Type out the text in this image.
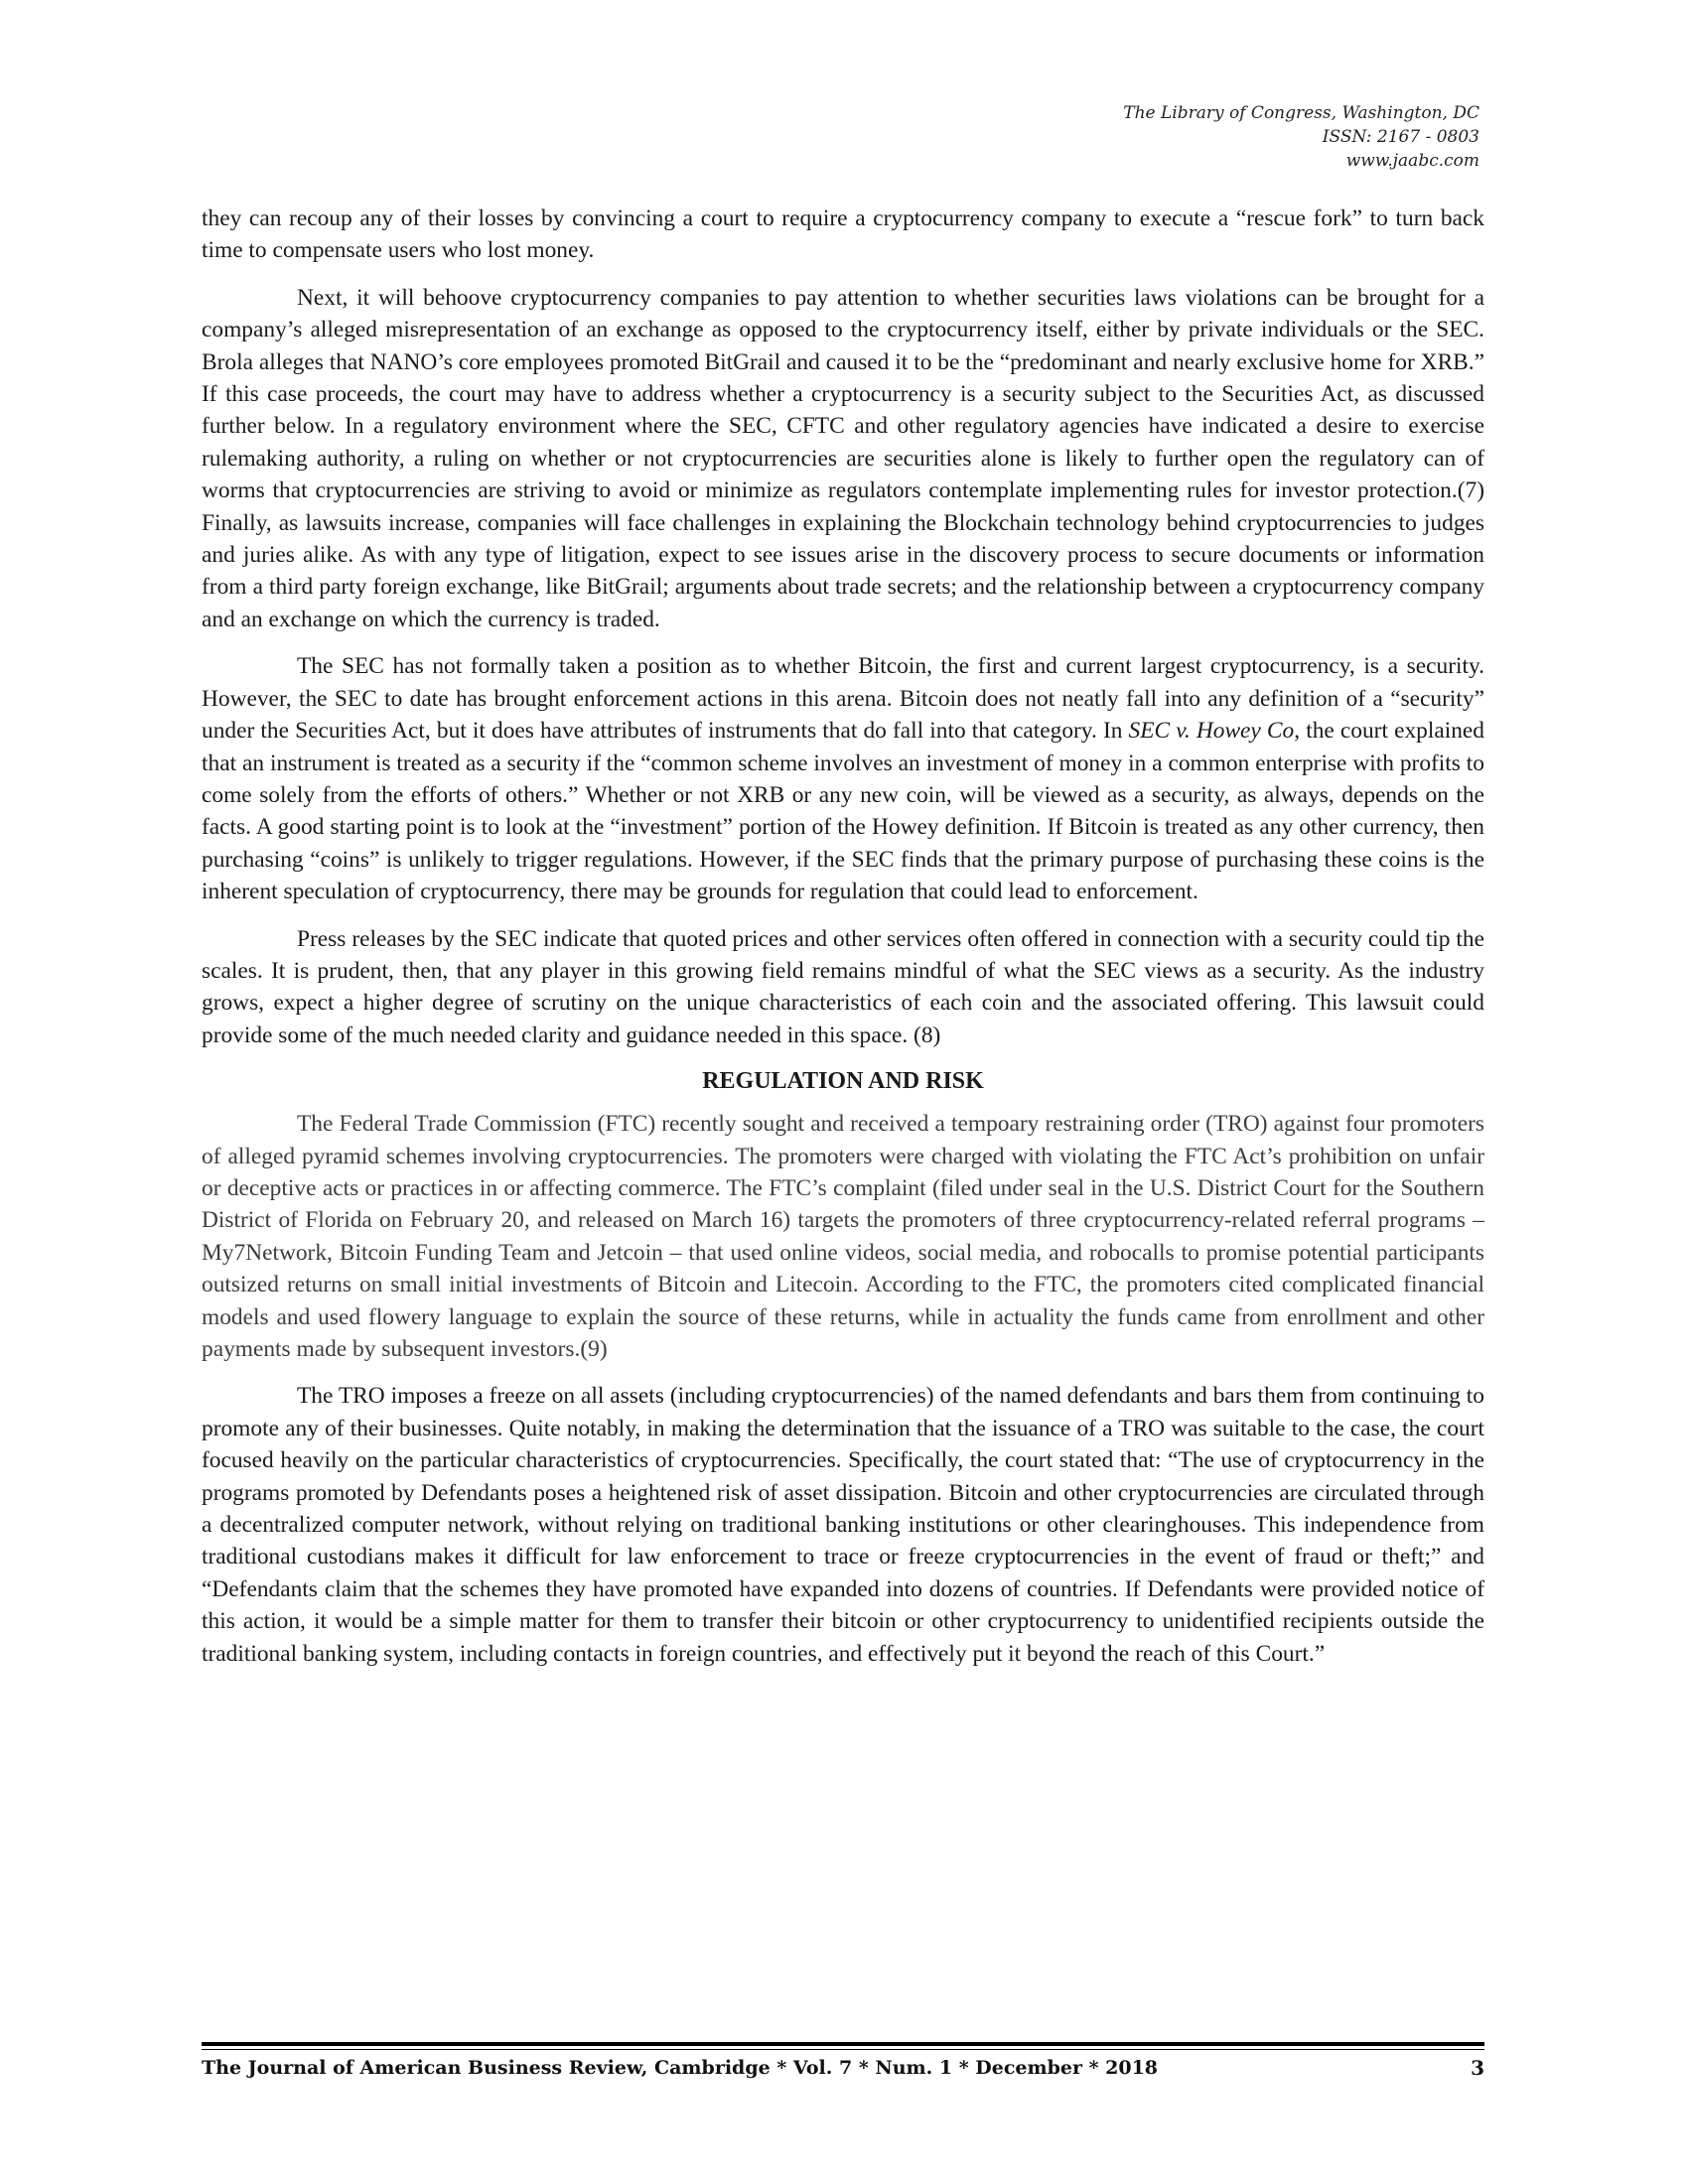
The Library of Congress, Washington, DC
ISSN: 2167 - 0803
www.jaabc.com

they can recoup any of their losses by convincing a court to require a cryptocurrency company to execute a “rescue fork” to turn back time to compensate users who lost money.

Next, it will behoove cryptocurrency companies to pay attention to whether securities laws violations can be brought for a company’s alleged misrepresentation of an exchange as opposed to the cryptocurrency itself, either by private individuals or the SEC. Brola alleges that NANO’s core employees promoted BitGrail and caused it to be the “predominant and nearly exclusive home for XRB.” If this case proceeds, the court may have to address whether a cryptocurrency is a security subject to the Securities Act, as discussed further below. In a regulatory environment where the SEC, CFTC and other regulatory agencies have indicated a desire to exercise rulemaking authority, a ruling on whether or not cryptocurrencies are securities alone is likely to further open the regulatory can of worms that cryptocurrencies are striving to avoid or minimize as regulators contemplate implementing rules for investor protection.(7) Finally, as lawsuits increase, companies will face challenges in explaining the Blockchain technology behind cryptocurrencies to judges and juries alike. As with any type of litigation, expect to see issues arise in the discovery process to secure documents or information from a third party foreign exchange, like BitGrail; arguments about trade secrets; and the relationship between a cryptocurrency company and an exchange on which the currency is traded.

The SEC has not formally taken a position as to whether Bitcoin, the first and current largest cryptocurrency, is a security. However, the SEC to date has brought enforcement actions in this arena. Bitcoin does not neatly fall into any definition of a “security” under the Securities Act, but it does have attributes of instruments that do fall into that category. In SEC v. Howey Co, the court explained that an instrument is treated as a security if the “common scheme involves an investment of money in a common enterprise with profits to come solely from the efforts of others.” Whether or not XRB or any new coin, will be viewed as a security, as always, depends on the facts. A good starting point is to look at the “investment” portion of the Howey definition. If Bitcoin is treated as any other currency, then purchasing “coins” is unlikely to trigger regulations. However, if the SEC finds that the primary purpose of purchasing these coins is the inherent speculation of cryptocurrency, there may be grounds for regulation that could lead to enforcement.

Press releases by the SEC indicate that quoted prices and other services often offered in connection with a security could tip the scales. It is prudent, then, that any player in this growing field remains mindful of what the SEC views as a security. As the industry grows, expect a higher degree of scrutiny on the unique characteristics of each coin and the associated offering. This lawsuit could provide some of the much needed clarity and guidance needed in this space. (8)

REGULATION AND RISK

The Federal Trade Commission (FTC) recently sought and received a tempoary restraining order (TRO) against four promoters of alleged pyramid schemes involving cryptocurrencies. The promoters were charged with violating the FTC Act’s prohibition on unfair or deceptive acts or practices in or affecting commerce. The FTC’s complaint (filed under seal in the U.S. District Court for the Southern District of Florida on February 20, and released on March 16) targets the promoters of three cryptocurrency-related referral programs – My7Network, Bitcoin Funding Team and Jetcoin – that used online videos, social media, and robocalls to promise potential participants outsized returns on small initial investments of Bitcoin and Litecoin. According to the FTC, the promoters cited complicated financial models and used flowery language to explain the source of these returns, while in actuality the funds came from enrollment and other payments made by subsequent investors.(9)

The TRO imposes a freeze on all assets (including cryptocurrencies) of the named defendants and bars them from continuing to promote any of their businesses. Quite notably, in making the determination that the issuance of a TRO was suitable to the case, the court focused heavily on the particular characteristics of cryptocurrencies. Specifically, the court stated that: “The use of cryptocurrency in the programs promoted by Defendants poses a heightened risk of asset dissipation. Bitcoin and other cryptocurrencies are circulated through a decentralized computer network, without relying on traditional banking institutions or other clearinghouses. This independence from traditional custodians makes it difficult for law enforcement to trace or freeze cryptocurrencies in the event of fraud or theft;” and “Defendants claim that the schemes they have promoted have expanded into dozens of countries. If Defendants were provided notice of this action, it would be a simple matter for them to transfer their bitcoin or other cryptocurrency to unidentified recipients outside the traditional banking system, including contacts in foreign countries, and effectively put it beyond the reach of this Court.”

The Journal of American Business Review, Cambridge * Vol. 7 * Num. 1 * December * 2018	3
